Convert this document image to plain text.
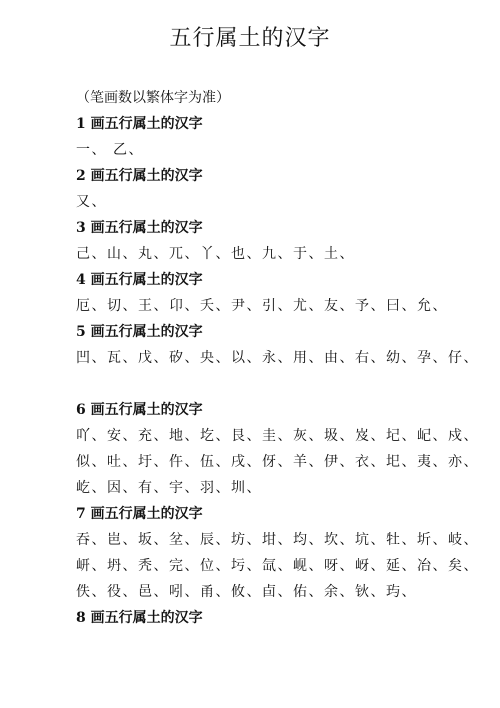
五行属土的汉字
（笔画数以繁体字为准）
1 画五行属土的汉字
一、 乙、
2 画五行属土的汉字
又、
3 画五行属土的汉字
己、山、丸、兀、丫、也、九、于、土、
4 画五行属土的汉字
厄、切、王、卬、夭、尹、引、尤、友、予、曰、允、
5 画五行属土的汉字
凹、瓦、戊、矽、央、以、永、用、由、右、幼、孕、仔、
6 画五行属土的汉字
吖、安、充、地、圪、艮、圭、灰、圾、岌、圮、屺、戍、
似、吐、圩、仵、伍、戌、伢、羊、伊、衣、圯、夷、亦、
屹、因、有、宇、羽、圳、
7 画五行属土的汉字
吞、岜、坂、坌、辰、坊、坩、均、坎、坑、牡、圻、岐、
岍、坍、秃、完、位、圬、氙、岘、呀、岈、延、冶、矣、
佚、役、邑、吲、甬、攸、卣、佑、余、钬、玙、
8 画五行属土的汉字
